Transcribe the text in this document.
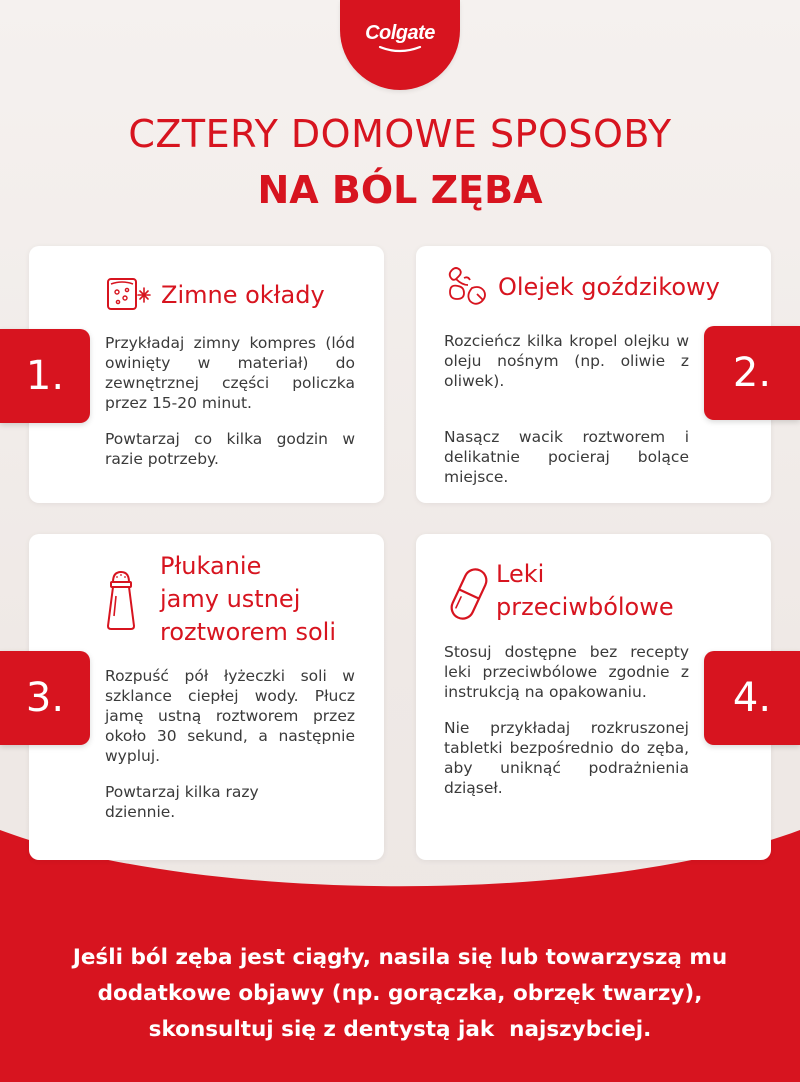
Colgate
CZTERY DOMOWE SPOSOBY
NA BÓL ZĘBA
Zimne okłady

Przykładaj zimny kompres (lód owinięty w materiał) do zewnętrznej części policzka przez 15-20 minut.

Powtarzaj co kilka godzin w razie potrzeby.

1.
Olejek goździkowy

Rozcieńcz kilka kropel olejku w oleju nośnym (np. oliwie z oliwek).

Nasącz wacik roztworem i delikatnie pocieraj bolące miejsce.

2.
Płukanie
jamy ustnej
roztworem soli

Rozpuść pół łyżeczki soli w szklance ciepłej wody. Płucz jamę ustną roztworem przez około 30 sekund, a następnie wypluj.

Powtarzaj kilka razy dziennie.

3.
Leki
przeciwbólowe

Stosuj dostępne bez recepty leki przeciwbólowe zgodnie z instrukcją na opakowaniu.

Nie przykładaj rozkruszonej tabletki bezpośrednio do zęba, aby uniknąć podrażnienia dziąseł.

4.
Jeśli ból zęba jest ciągły, nasila się lub towarzyszą mu
dodatkowe objawy (np. gorączka, obrzęk twarzy),
skonsultuj się z dentystą jak  najszybciej.
